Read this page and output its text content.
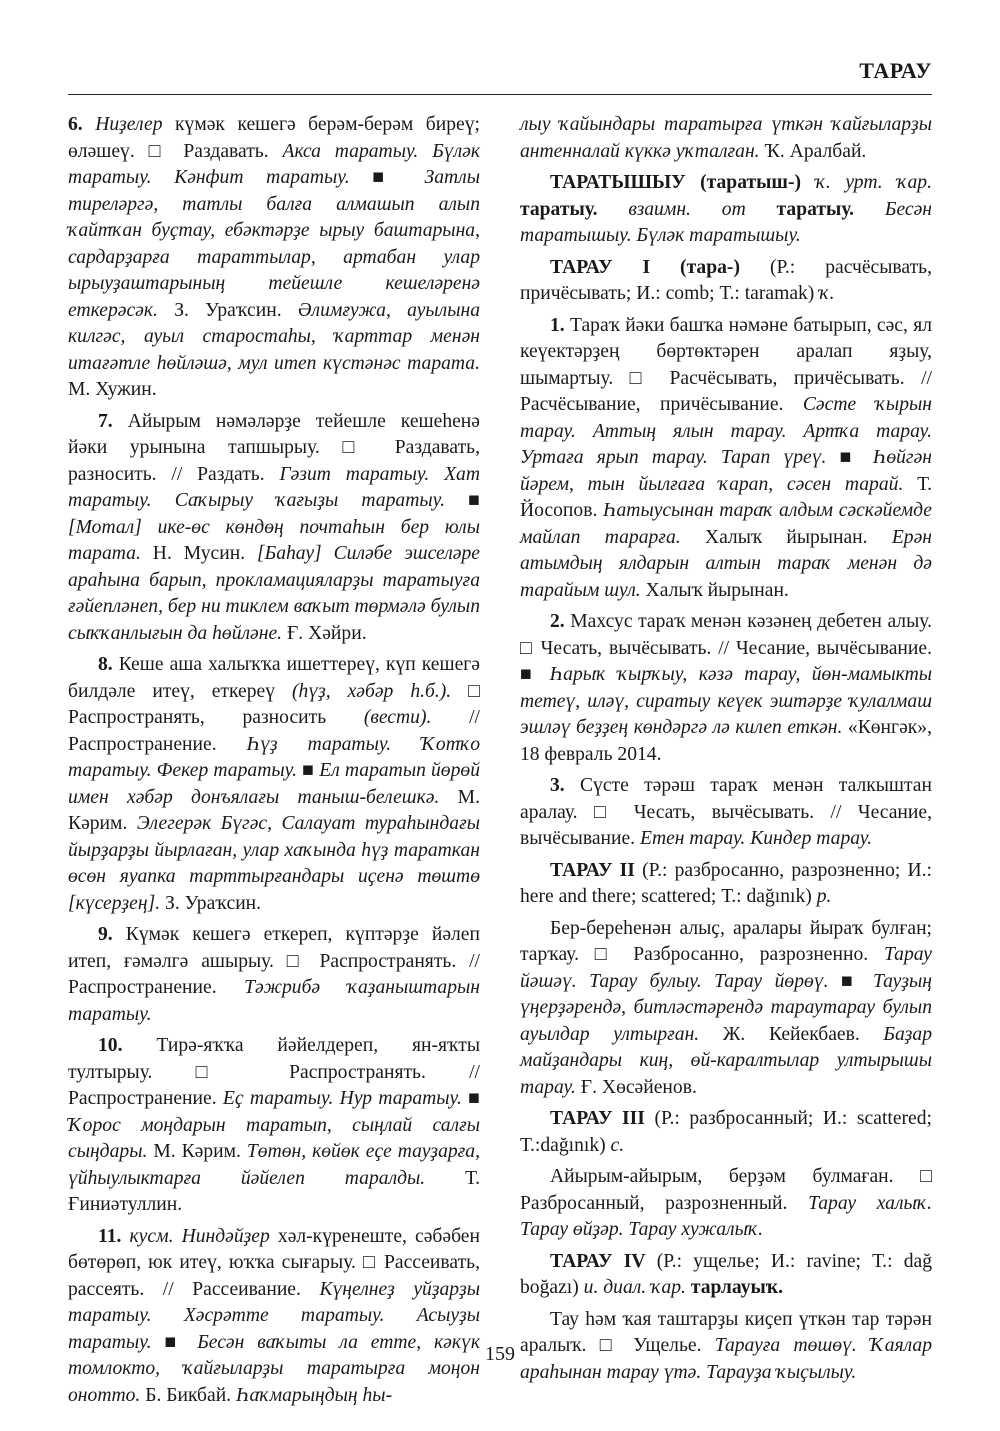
ТАРАУ

6. Ниҙелер күмәк кешегә берәм-берәм биреү; өләшеү. □ Раздавать. Акса таратыу. Бүләк таратыу. Кәнфит таратыу. ■ Затлы тиреләргә, татлы балға алмашып алып ҡайтҡан буҫтау, ебәктәрҙе ырыу баштарына, сардарҙарға тараттылар, артабан улар ырыуҙаштарының тейешле кешеләренә еткерәсәк. З. Ураҡсин. Әлимғужа, ауылына килгәс, ауыл старостаһы, ҡарттар менән итағәтле һөйләшә, мул итеп күстәнәс тарата. М. Хужин.

7. Айырым нәмәләрҙе тейешле кешеһенә йәки урынына тапшырыу. □ Раздавать, разносить. // Раздать. Гәзит таратыу. Хат таратыу. Саҡырыу ҡағыҙы таратыу. ■ [Мотал] ике-өс көндөң почтаһын бер юлы тарата. Н. Мусин. [Баһау] Силәбе эшселәре араһына барып, прокламацияларҙы таратыуға ғәйепләнеп, бер ни тиклем ваҡыт төрмәлә булып сыҡҡанлығын да һөйләне. Ғ. Хәйри.

8. Кеше аша халыҡҡа ишеттереү, күп кешегә билдәле итеү, еткереү (һүҙ, хәбәр һ.б.). □ Распространять, разносить (вести). // Распространение. Һүҙ таратыу. Ҡотҡо таратыу. Фекер таратыу. ■ Ел таратып йөрөй имен хәбәр донъялағы таныш-белешкә. М. Кәрим. Элегерәк Бүгәс, Салауат тураһындағы йырҙарҙы йырлаған, улар хаҡында һүҙ тараткан өсөн яуапка тарттырғандары иҫенә төштө [күсерҙең]. З. Ураҡсин.

9. Күмәк кешегә еткереп, күптәрҙе йәлеп итеп, ғәмәлгә ашырыу. □ Распространять. // Распространение. Тәжрибә ҡаҙаныштарын таратыу.

10. Тирә-яҡҡа йәйелдереп, ян-яҡты тултырыу. □ Распространять. // Распространение. Еҫ таратыу. Нур таратыу. ■ Ҡорос моңдарын таратып, сыңлай салғы сыңдары. М. Кәрим. Төтөн, көйөк еҫе тауҙарға, үйһыулыктарға йәйелеп таралды. Т. Ғиниәтуллин.

11. кусм. Ниндәйҙер хәл-күренеште, сәбәбен бөтөрөп, юк итеү, юҡҡа сығарыу. □ Рассеивать, рассеять. // Рассеивание. Күңелнеҙ уйҙарҙы таратыу. Хәсрәтте таратыу. Асыуҙы таратыу. ■ Бесән ваҡыты ла етте, кәкүк томлокто, ҡайғыларҙы таратырға моңон онотто. Б. Бикбай. Һаҡмарыңдың һы-

лыу ҡайындары таратырға үткән ҡайғыларҙы антенналай күккә уҡталған. Ҡ. Аралбай.

ТАРАТЫШЫУ (таратыш-) ҡ. урт. ҡар. таратыу. взаимн. от таратыу. Бесән таратышыу. Бүләк таратышыу.

ТАРАУ I (тара-) (Р.: расчёсывать, причёсывать; И.: comb; Т.: taramak) ҡ.

1. Тараҡ йәки башҡа нәмәне батырып, сәс, ял кеүектәрҙең бөртөктәрен аралап яҙыу, шымартыу. □ Расчёсывать, причёсывать. // Расчёсывание, причёсывание. Сәсте ҡырын тарау. Аттың ялын тарау. Артҡа тарау. Уртаға ярып тарау. Тарап үреү. ■ Һөйгән йәрем, тын йылғаға ҡарап, сәсен тарай. Т. Йосопов. Һатыусынан тараҡ алдым сәскәйемде майлап тарарға. Халыҡ йырынан. Ерән атымдың ялдарын алтын тараҡ менән дә тарайым шул. Халыҡ йырынан.

2. Махсус тараҡ менән кәзәнең дебетен алыу. □ Чесать, вычёсывать. // Чесание, вычёсывание. ■ Һарыҡ ҡырҡыу, кәзә тарау, йөн-мамыкты тетеү, иләү, сиратыу кеүек эштәрҙе ҡулалмаш эшләү беҙҙең көндәргә лә килеп еткән. «Көнгәк», 18 февраль 2014.

3. Сүсте тәрәш тараҡ менән талкыштан аралау. □ Чесать, вычёсывать. // Чесание, вычёсывание. Етен тарау. Киндер тарау.

ТАРАУ II (Р.: разбросанно, разрозненно; И.: here and there; scattered; Т.: dağınık) р.

Бер-береһенән алыҫ, аралары йыраҡ булған; тарҡау. □ Разбросанно, разрозненно. Тарау йәшәү. Тарау булыу. Тарау йөрөү. ■ Тауҙың үңерҙәрендә, битләстәрендә тараутарау булып ауылдар ултырған. Ж. Кейекбаев. Баҙар майҙандары киң, өй-каралтылар ултырышы тарау. Ғ. Хөсәйенов.

ТАРАУ III (Р.: разбросанный; И.: scattered; Т.:dağınık) с.

Айырым-айырым, берҙәм булмаған. □ Разбросанный, разрозненный. Тарау халыҡ. Тарау өйҙәр. Тарау хужалыҡ.

ТАРАУ IV (Р.: ущелье; И.: ravine; Т.: dağ boğazı) и. диал. ҡар. тарлауыҡ.

Тау һәм ҡая таштарҙы киҫеп үткән тар тәрән аралыҡ. □ Ущелье. Тарауға төшөү. Ҡаялар араһынан тарау үтә. Тарауҙа ҡыҫылыу.

159
